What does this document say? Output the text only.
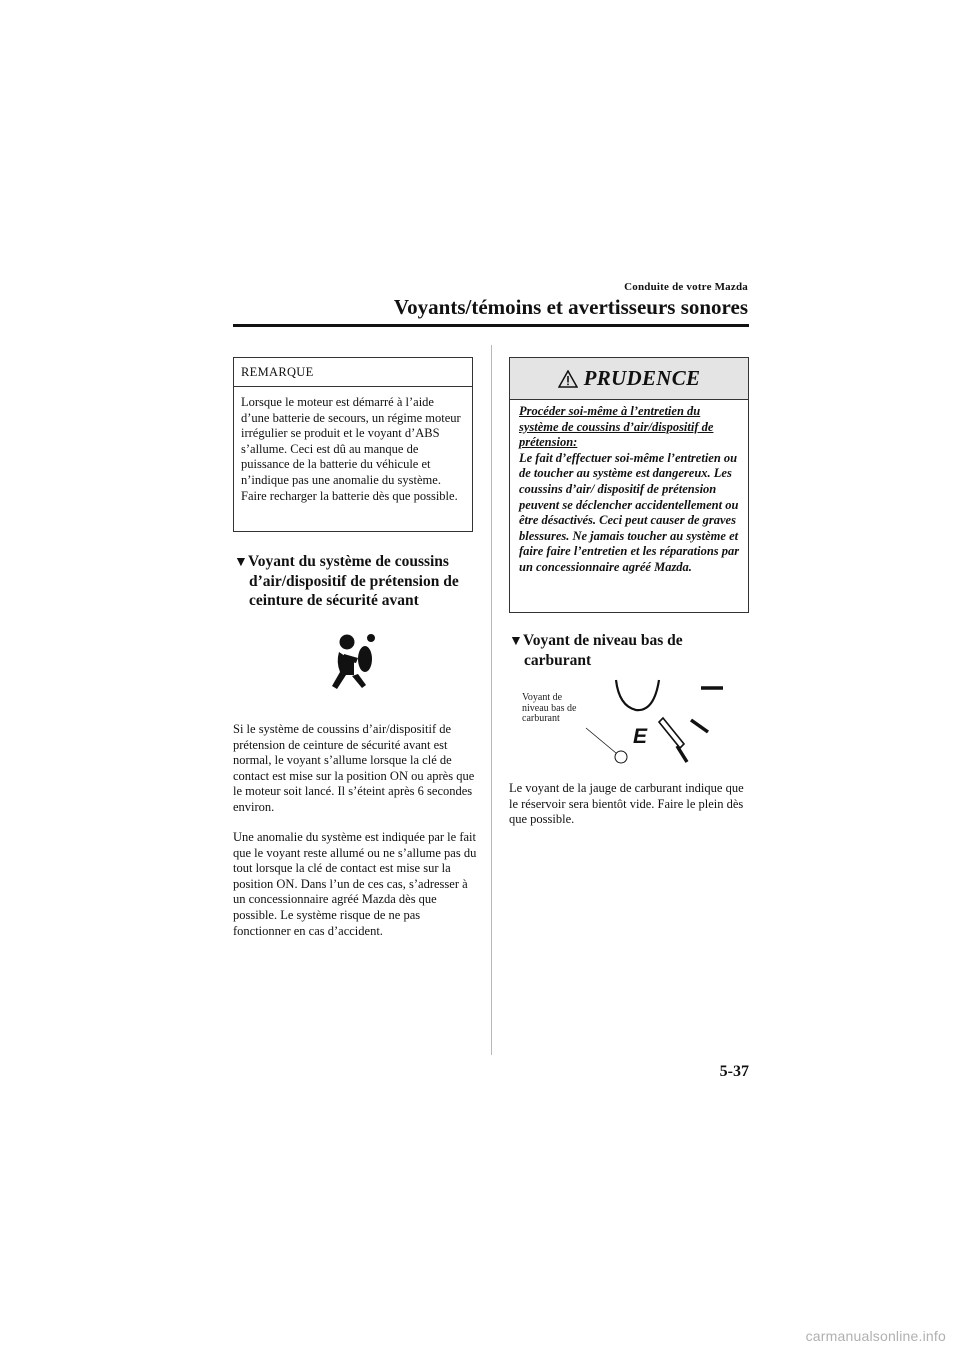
Conduite de votre Mazda
Voyants/témoins et avertisseurs sonores
REMARQUE
Lorsque le moteur est démarré à l’aide d’une batterie de secours, un régime moteur irrégulier se produit et le voyant d’ABS s’allume. Ceci est dû au manque de puissance de la batterie du véhicule et n’indique pas une anomalie du système.
Faire recharger la batterie dès que possible.
▼Voyant du système de coussins
d’air/dispositif de prétension de
ceinture de sécurité avant
Si le système de coussins d’air/dispositif de prétension de ceinture de sécurité avant est normal, le voyant s’allume lorsque la clé de contact est mise sur la position ON ou après que le moteur soit lancé. Il s’éteint après 6 secondes environ.
Une anomalie du système est indiquée par le fait que le voyant reste allumé ou ne s’allume pas du tout lorsque la clé de contact est mise sur la position ON. Dans l’un de ces cas, s’adresser à un concessionnaire agréé Mazda dès que possible. Le système risque de ne pas fonctionner en cas d’accident.
PRUDENCE
Procéder soi-même à l’entretien du système de coussins d’air/dispositif de prétension:
Le fait d’effectuer soi-même l’entretien ou de toucher au système est dangereux. Les coussins d’air/ dispositif de prétension peuvent se déclencher accidentellement ou être désactivés. Ceci peut causer de graves blessures. Ne jamais toucher au système et faire faire l’entretien et les réparations par un concessionnaire agréé Mazda.
▼Voyant de niveau bas de
carburant
E
Voyant de
niveau bas de
carburant
Le voyant de la jauge de carburant indique que le réservoir sera bientôt vide. Faire le plein dès que possible.
5-37
carmanualsonline.info
